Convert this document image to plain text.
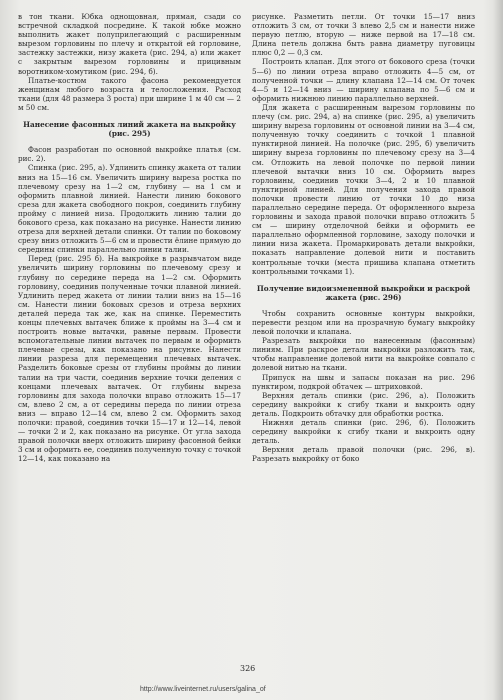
в тон ткани. Юбка однощовная, прямая, сзади со встречной складкой посредине. К такой юбке можно выполнить жакет полуприлегающий с расширенным вырезом горловины по плечу и открытой ей горловине, застежку застежки, низу жакета (рис. 294, а) или жакет с закрытым вырезом горловины и прицивным воротником-хомутиком (рис. 294, б).

Платье-костюм такого фасона рекомендуется женщинам любого возраста и телосложения. Расход ткани (для 48 размера 3 роста) при ширине 1 м 40 см — 2 м 50 см.

Нанесение фасонных линий жакета на выкройку (рис. 295)

Фасон разработан по основной выкройке платья (см. рис. 2).

Спинка (рис. 295, а). Удлинить спинку жакета от талии вниз на 15—16 см. Увеличить ширину выреза ростка по плечевому срезу на 1—2 см, глубину — на 1 см и оформить плавной линией. Нанести линию бокового среза для жакета свободного покроя, соединить глубину пройму с линией низа. Продолжить линию талии до бокового среза, как показано на рисунке. Нанести линию отреза для верхней детали спинки. От талии по боковому срезу вниз отложить 5—6 см и провести ёлине прямую до середины спинки параллельно линии талии.

Перед (рис. 295 б). На выкройке в разрывчатом виде увеличить ширину горловины по плечевому срезу и глубину по середине переда на 1—2 см. Оформить горловину, соединив полученные точки плавной линией. Удлинить перед жакета от линии талии вниз на 15—16 см. Нанести линии боковых срезов и отреза верхних деталей переда так же, как на спинке. Переместить концы плечевых вытачек ближе к проймы на 3—4 см и построить новые вытачки, равные первым. Провести вспомогательные линии вытачек по первым и оформить плечевые срезы, как показано на рисунке. Нанести линии разреза для перемещения плечевых вытачек. Разделить боковые срезы от глубины проймы до линии талии на три части, соединив верхние точки деления с концами плечевых вытачек. От глубины выреза горловины для захода полочки вправо отложить 15—17 см, влево 2 см, а от середины переда по линии отреза вниз — вправо 12—14 см, влево 2 см. Оформить заход полочки: правой, соединив точки 15—17 и 12—14, левой — точки 2 и 2, как показано на рисунке. От угла захода правой полочки вверх отложить ширину фасонной бейки 3 см и оформить ее, соединив полученную точку с точкой 12—14, как показано на

рисунке. Разметить петли. От точки 15—17 вниз отложить 3 см, от точки 3 влево 2,5 см и нанести ниже первую петлю, вторую — ниже первой на 17—18 см. Длина петель должна быть равна диаметру пуговицы плюс 0,2 — 0,3 см.

Построить клапан. Для этого от бокового среза (точки 5—6) по линии отреза вправо отложить 4—5 см, от полученной точки — длину клапана 12—14 см. От точек 4—5 и 12—14 вниз — ширину клапана по 5—6 см и оформить нижнюю линию параллельно верхней.

Для жакета с расширенным вырезом горловины по плечу (см. рис. 294, а) на спинке (рис. 295, а) увеличить ширину выреза горловины от основной линии на 3—4 см, полученную точку соединить с точкой 1 плавной пунктирной линией. На полочке (рис. 295, б) увеличить ширину выреза горловины по плечевому срезу на 3—4 см. Отложить на левой полочке по первой линии плечевой вытачки вниз 10 см. Оформить вырез горловины, соединив точки 3—4, 2 и 10 плавной пунктирной линией. Для получения захода правой полочки провести линию от точки 10 до низа параллельно середине переда. От оформленного выреза горловины и захода правой полочки вправо отложить 5 см — ширину отделочной бейки и оформить ее параллельно оформленной горловине, заходу полочки и линии низа жакета. Промаркировать детали выкройки, показать направление долевой нити и поставить контрольные точки (места пришива клапана отметить контрольными точками 1).

Получение видоизмененной выкройки и раскрой жакета (рис. 296)

Чтобы сохранить основные контуры выкройки, перевести резцом или на прозрачную бумагу выкройку левой полочки и клапана.

Разрезать выкройки по нанесенным (фасонным) линиям. При раскрое детали выкройки разложить так, чтобы направление долевой нити на выкройке совпало с долевой нитью на ткани.

Припуск на швы и запасы показан на рис. 296 пунктиром, подкрой обтачек — штриховкой.

Верхняя деталь спинки (рис. 296, а). Положить середину выкройки к сгибу ткани и выкроить одну деталь. Подкроить обтачку для обработки ростка.

Нижняя деталь спинки (рис. 296, б). Положить середину выкройки к сгибу ткани и выкроить одну деталь.

Верхняя деталь правой полочки (рис. 296, в). Разрезать выкройку от боко

326
http://www.liveinternet.ru/users/galina_of
